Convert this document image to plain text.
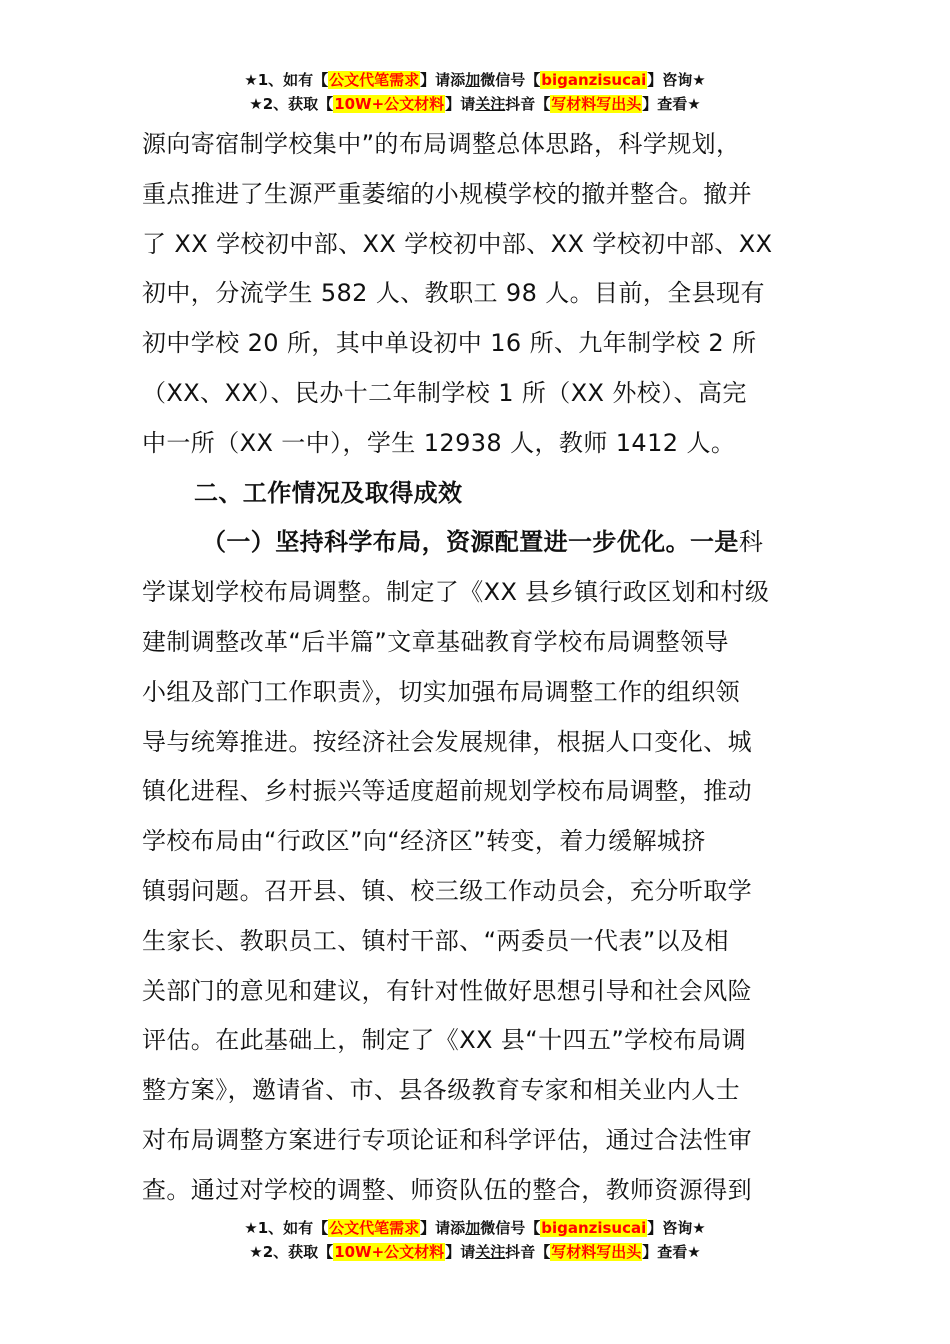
★1、如有【公文代笔需求】请添加微信号【biganzisucai】咨询★
★2、获取【10W+公文材料】请关注抖音【写材料写出头】查看★
源向寄宿制学校集中”的布局调整总体思路，科学规划，
重点推进了生源严重萎缩的小规模学校的撤并整合。撤并
了 XX 学校初中部、XX 学校初中部、XX 学校初中部、XX
初中，分流学生 582 人、教职工 98 人。目前，全县现有
初中学校 20 所，其中单设初中 16 所、九年制学校 2 所
（XX、XX）、民办十二年制学校 1 所（XX 外校）、高完
中一所（XX 一中），学生 12938 人，教师 1412 人。
二、工作情况及取得成效
（一）坚持科学布局，资源配置进一步优化。一是科
学谋划学校布局调整。制定了《XX 县乡镇行政区划和村级
建制调整改革“后半篇”文章基础教育学校布局调整领导
小组及部门工作职责》，切实加强布局调整工作的组织领
导与统筹推进。按经济社会发展规律，根据人口变化、城
镇化进程、乡村振兴等适度超前规划学校布局调整，推动
学校布局由“行政区”向“经济区”转变，着力缓解城挤
镇弱问题。召开县、镇、校三级工作动员会，充分听取学
生家长、教职员工、镇村干部、“两委员一代表”以及相
关部门的意见和建议，有针对性做好思想引导和社会风险
评估。在此基础上，制定了《XX 县“十四五”学校布局调
整方案》，邀请省、市、县各级教育专家和相关业内人士
对布局调整方案进行专项论证和科学评估，通过合法性审
查。通过对学校的调整、师资队伍的整合，教师资源得到
★1、如有【公文代笔需求】请添加微信号【biganzisucai】咨询★
★2、获取【10W+公文材料】请关注抖音【写材料写出头】查看★
